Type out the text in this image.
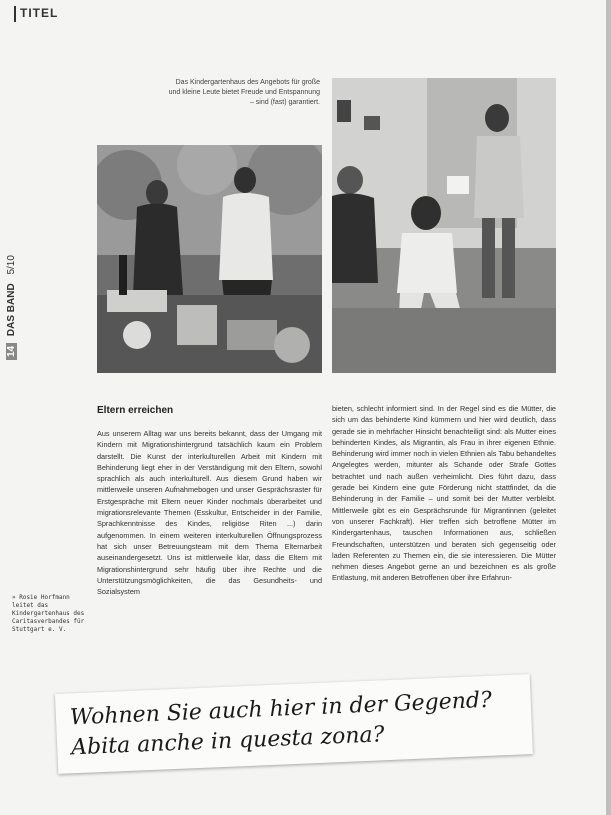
TITEL
14 DAS BAND 5/10
Das Kindergartenhaus des Angebots für große und kleine Leute bietet Freude und Entspannung – sind (fast) garantiert.
Eltern erreichen
Aus unserem Alltag war uns bereits bekannt, dass der Umgang mit Kindern mit Migrationshintergrund tatsächlich kaum ein Problem darstellt. Die Kunst der interkulturellen Arbeit mit Kindern mit Behinderung liegt eher in der Verständigung mit den Eltern, sowohl sprachlich als auch interkulturell. Aus diesem Grund haben wir mittlerweile unseren Aufnahmebogen und unser Gesprächsraster für Erstgespräche mit Eltern neuer Kinder nochmals überarbeitet und migrationsrelevante Themen (Esskultur, Entscheider in der Familie, Sprachkenntnisse des Kindes, religiöse Riten ...) darin aufgenommen. In einem weiteren interkulturellen Öffnungsprozess hat sich unser Betreuungsteam mit dem Thema Elternarbeit auseinandergesetzt. Uns ist mittlerweile klar, dass die Eltern mit Migrationshintergrund sehr häufig über ihre Rechte und die Unterstützungsmöglichkeiten, die das Gesundheits- und Sozialsystem
bieten, schlecht informiert sind. In der Regel sind es die Mütter, die sich um das behinderte Kind kümmern und hier wird deutlich, dass gerade sie in mehrfacher Hinsicht benachteiligt sind: als Mutter eines behinderten Kindes, als Migrantin, als Frau in ihrer eigenen Ethnie. Behinderung wird immer noch in vielen Ethnien als Tabu behandeltes Angelegtes werden, mitunter als Schande oder Strafe Gottes betrachtet und nach außen verheimlicht. Dies führt dazu, dass gerade bei Kindern eine gute Förderung nicht stattfindet, da die Behinderung in der Familie – und somit bei der Mutter verbleibt. Mittlerweile gibt es ein Gesprächsrunde für Migrantinnen (geleitet von unserer Fachkraft). Hier treffen sich betroffene Mütter im Kindergartenhaus, tauschen Informationen aus, schließen Freundschaften, unterstützen und beraten sich gegenseitig oder laden Referenten zu Themen ein, die sie interessieren. Die Mütter nehmen dieses Angebot gerne an und bezeichnen es als große Entlastung, mit anderen Betroffenen über ihre Erfahrun-
» Rosie Horfmann leitet das Kindergartenhaus des Caritasverbandes für Stuttgart e. V.
Wohnen Sie auch hier in der Gegend?
Abita anche in questa zona?
